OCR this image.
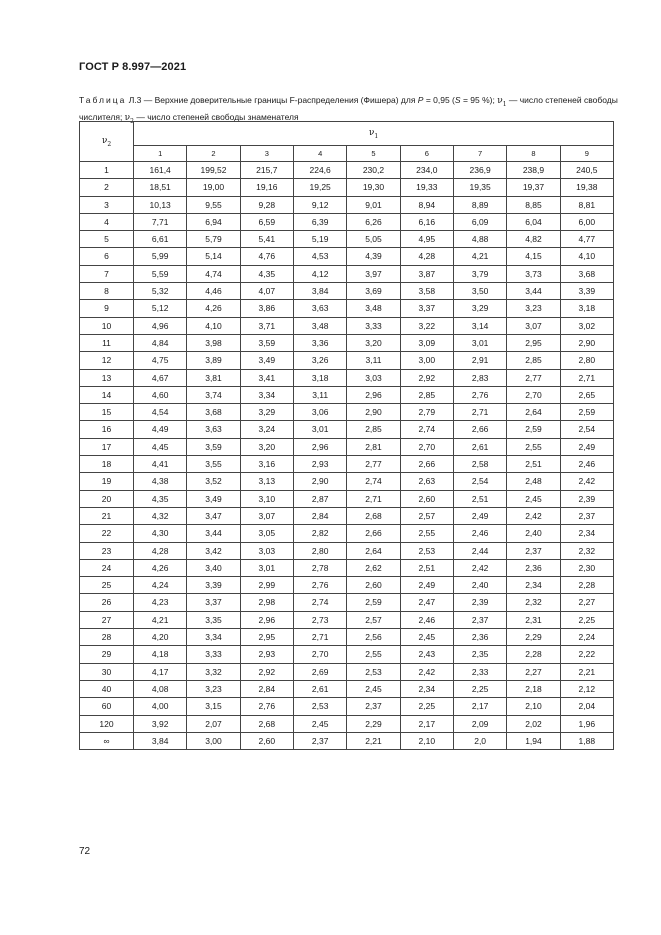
ГОСТ Р 8.997—2021
Таблица Л.3 — Верхние доверительные границы F-распределения (Фишера) для P = 0,95 (S = 95 %); $\nu_1$ — число степеней свободы числителя; $\nu_2$ — число степеней свободы знаменателя
$\nu_2$	$\nu_1$
	1	2	3	4	5	6	7	8	9
1	161,4	199,52	215,7	224,6	230,2	234,0	236,9	238,9	240,5
2	18,51	19,00	19,16	19,25	19,30	19,33	19,35	19,37	19,38
3	10,13	9,55	9,28	9,12	9,01	8,94	8,89	8,85	8,81
4	7,71	6,94	6,59	6,39	6,26	6,16	6,09	6,04	6,00
5	6,61	5,79	5,41	5,19	5,05	4,95	4,88	4,82	4,77
6	5,99	5,14	4,76	4,53	4,39	4,28	4,21	4,15	4,10
7	5,59	4,74	4,35	4,12	3,97	3,87	3,79	3,73	3,68
8	5,32	4,46	4,07	3,84	3,69	3,58	3,50	3,44	3,39
9	5,12	4,26	3,86	3,63	3,48	3,37	3,29	3,23	3,18
10	4,96	4,10	3,71	3,48	3,33	3,22	3,14	3,07	3,02
11	4,84	3,98	3,59	3,36	3,20	3,09	3,01	2,95	2,90
12	4,75	3,89	3,49	3,26	3,11	3,00	2,91	2,85	2,80
13	4,67	3,81	3,41	3,18	3,03	2,92	2,83	2,77	2,71
14	4,60	3,74	3,34	3,11	2,96	2,85	2,76	2,70	2,65
15	4,54	3,68	3,29	3,06	2,90	2,79	2,71	2,64	2,59
16	4,49	3,63	3,24	3,01	2,85	2,74	2,66	2,59	2,54
17	4,45	3,59	3,20	2,96	2,81	2,70	2,61	2,55	2,49
18	4,41	3,55	3,16	2,93	2,77	2,66	2,58	2,51	2,46
19	4,38	3,52	3,13	2,90	2,74	2,63	2,54	2,48	2,42
20	4,35	3,49	3,10	2,87	2,71	2,60	2,51	2,45	2,39
21	4,32	3,47	3,07	2,84	2,68	2,57	2,49	2,42	2,37
22	4,30	3,44	3,05	2,82	2,66	2,55	2,46	2,40	2,34
23	4,28	3,42	3,03	2,80	2,64	2,53	2,44	2,37	2,32
24	4,26	3,40	3,01	2,78	2,62	2,51	2,42	2,36	2,30
25	4,24	3,39	2,99	2,76	2,60	2,49	2,40	2,34	2,28
26	4,23	3,37	2,98	2,74	2,59	2,47	2,39	2,32	2,27
27	4,21	3,35	2,96	2,73	2,57	2,46	2,37	2,31	2,25
28	4,20	3,34	2,95	2,71	2,56	2,45	2,36	2,29	2,24
29	4,18	3,33	2,93	2,70	2,55	2,43	2,35	2,28	2,22
30	4,17	3,32	2,92	2,69	2,53	2,42	2,33	2,27	2,21
40	4,08	3,23	2,84	2,61	2,45	2,34	2,25	2,18	2,12
60	4,00	3,15	2,76	2,53	2,37	2,25	2,17	2,10	2,04
120	3,92	2,07	2,68	2,45	2,29	2,17	2,09	2,02	1,96
∞	3,84	3,00	2,60	2,37	2,21	2,10	2,0	1,94	1,88
72
